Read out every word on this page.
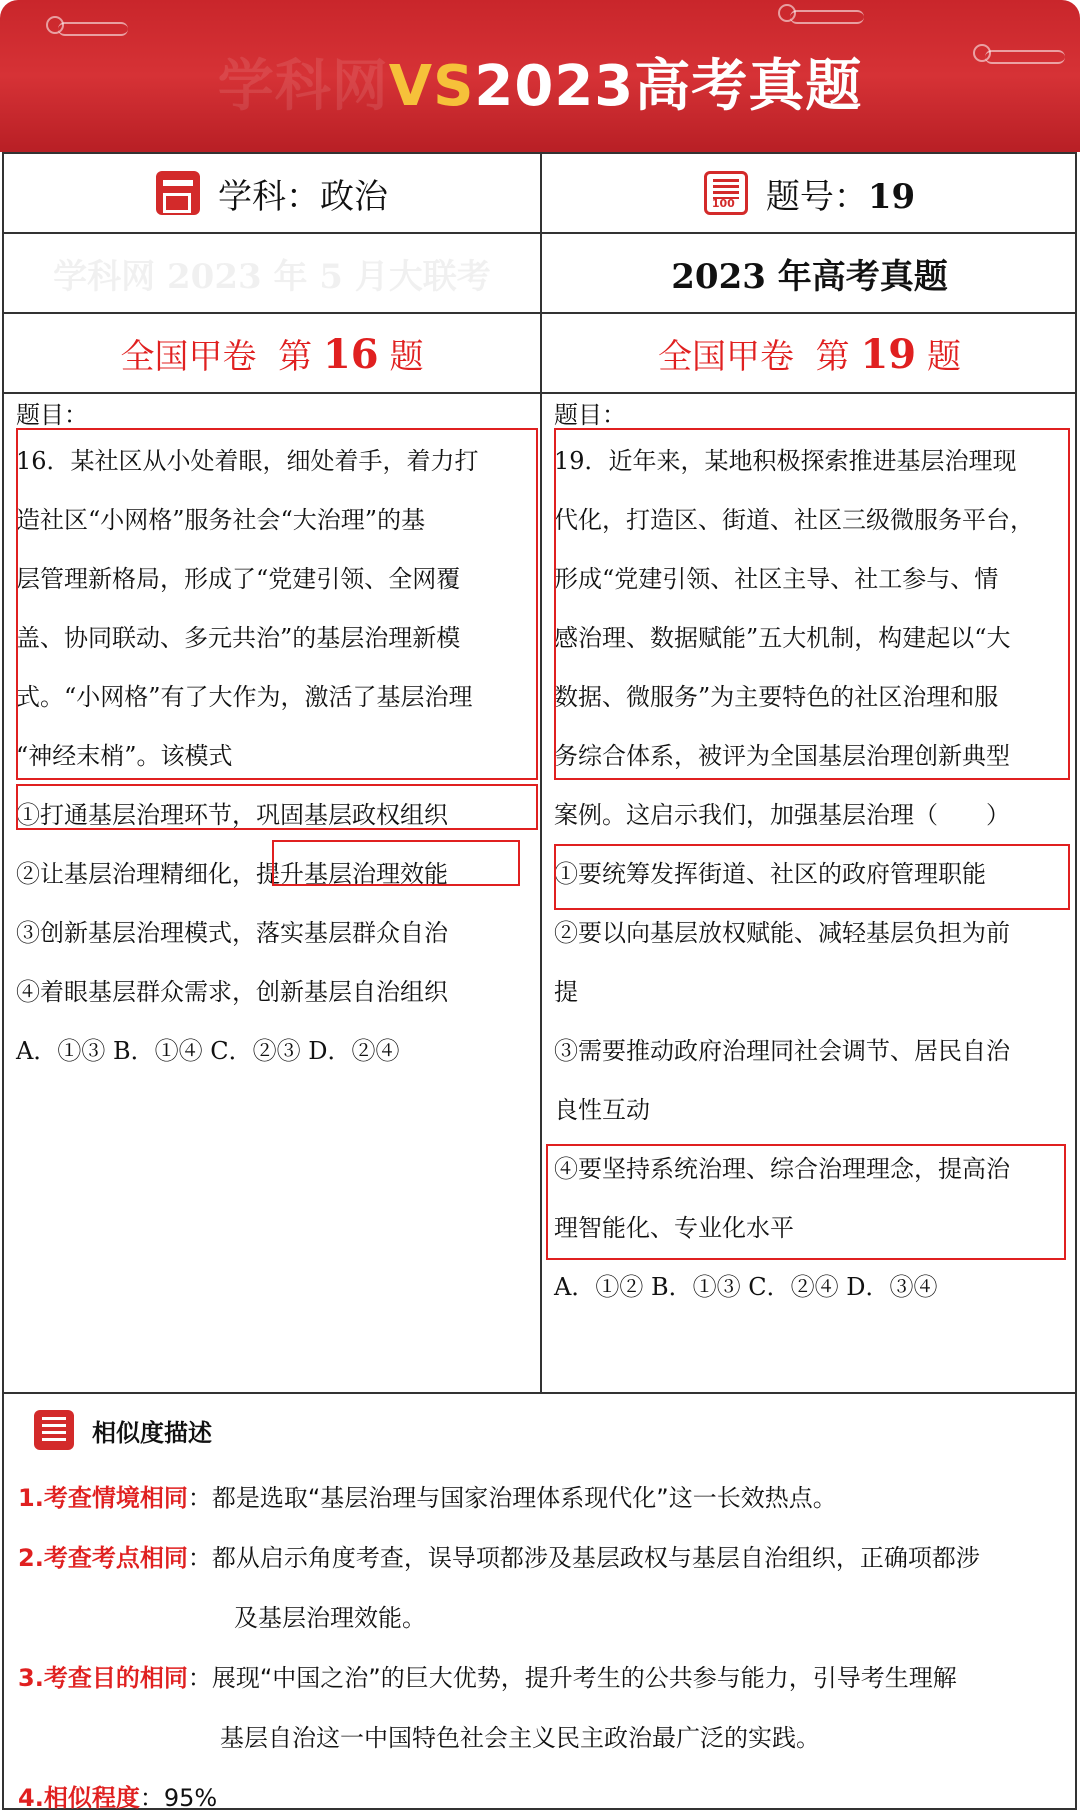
学科网VS2023高考真题
学科：政治
100	题号：19
学科网 2023 年 5 月大联考	2023 年高考真题
全国甲卷  第 16 题	全国甲卷  第 19 题
题目：
16．某社区从小处着眼，细处着手，着力打
造社区“小网格”服务社会“大治理”的基
层管理新格局，形成了“党建引领、全网覆
盖、协同联动、多元共治”的基层治理新模
式。“小网格”有了大作为，激活了基层治理
“神经末梢”。该模式
①打通基层治理环节，巩固基层政权组织
②让基层治理精细化，提升基层治理效能
③创新基层治理模式，落实基层群众自治
④着眼基层群众需求，创新基层自治组织
A．①③ B．①④ C．②③ D．②④
题目：
19．近年来，某地积极探索推进基层治理现
代化，打造区、街道、社区三级微服务平台，
形成“党建引领、社区主导、社工参与、情
感治理、数据赋能”五大机制，构建起以“大
数据、微服务”为主要特色的社区治理和服
务综合体系，被评为全国基层治理创新典型
案例。这启示我们，加强基层治理（　　）
①要统筹发挥街道、社区的政府管理职能
②要以向基层放权赋能、减轻基层负担为前
提
③需要推动政府治理同社会调节、居民自治
良性互动
④要坚持系统治理、综合治理理念，提高治
理智能化、专业化水平
A．①② B．①③ C．②④ D．③④
相似度描述
1.考查情境相同：都是选取“基层治理与国家治理体系现代化”这一长效热点。
2.考查考点相同：都从启示角度考查，误导项都涉及基层政权与基层自治组织，正确项都涉
及基层治理效能。
3.考查目的相同：展现“中国之治”的巨大优势，提升考生的公共参与能力，引导考生理解
基层自治这一中国特色社会主义民主政治最广泛的实践。
4.相似程度：95%
